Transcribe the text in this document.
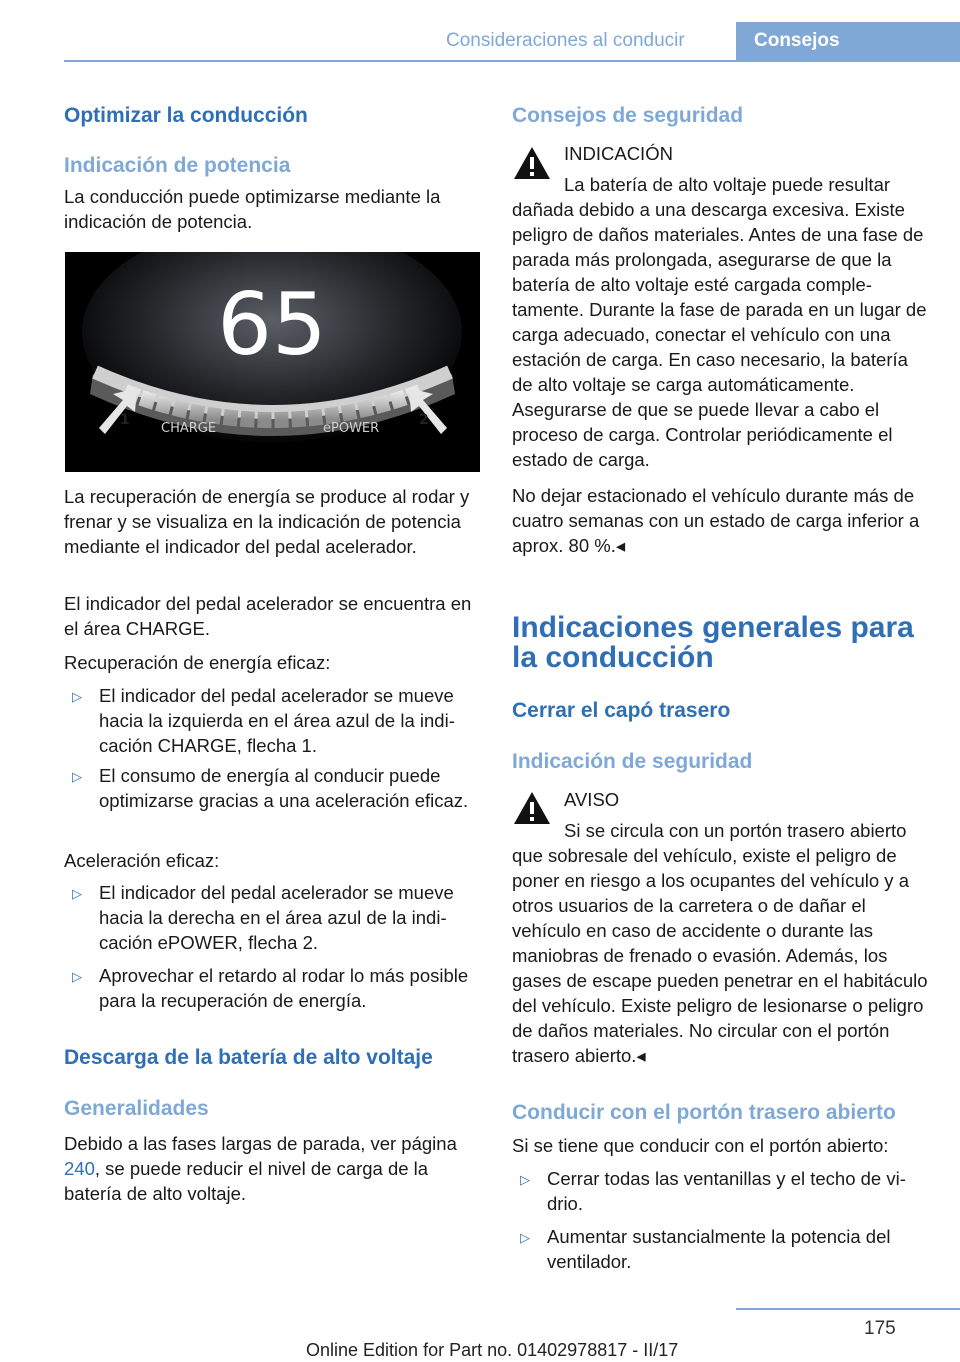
Consideraciones al conducir	Consejos
Optimizar la conducción
Indicación de potencia
La conducción puede optimizarse mediante la indicación de potencia.
1	2
65
CHARGE	ePOWER
La recuperación de energía se produce al rodar y frenar y se visualiza en la indicación de potencia mediante el indicador del pedal acelerador.
El indicador del pedal acelerador se encuentra en el área CHARGE.
Recuperación de energía eficaz:
▷ El indicador del pedal acelerador se mueve hacia la izquierda en el área azul de la indicación CHARGE, flecha 1.
▷ El consumo de energía al conducir puede optimizarse gracias a una aceleración eficaz.
Aceleración eficaz:
▷ El indicador del pedal acelerador se mueve hacia la derecha en el área azul de la indicación ePOWER, flecha 2.
▷ Aprovechar el retardo al rodar lo más posible para la recuperación de energía.
Descarga de la batería de alto voltaje
Generalidades
Debido a las fases largas de parada, ver página 240, se puede reducir el nivel de carga de la batería de alto voltaje.
Consejos de seguridad
INDICACIÓN
La batería de alto voltaje puede resultar dañada debido a una descarga excesiva. Existe peligro de daños materiales. Antes de una fase de parada más prolongada, asegurarse de que la batería de alto voltaje esté cargada completamente. Durante la fase de parada en un lugar de carga adecuado, conectar el vehículo con una estación de carga. En caso necesario, la batería de alto voltaje se carga automáticamente. Asegurarse de que se puede llevar a cabo el proceso de carga. Controlar periódicamente el estado de carga.
No dejar estacionado el vehículo durante más de cuatro semanas con un estado de carga inferior a aprox. 80 %.◂
Indicaciones generales para la conducción
Cerrar el capó trasero
Indicación de seguridad
AVISO
Si se circula con un portón trasero abierto que sobresale del vehículo, existe el peligro de poner en riesgo a los ocupantes del vehículo y a otros usuarios de la carretera o de dañar el vehículo en caso de accidente o durante las maniobras de frenado o evasión. Además, los gases de escape pueden penetrar en el habitáculo del vehículo. Existe peligro de lesionarse o peligro de daños materiales. No circular con el portón trasero abierto.◂
Conducir con el portón trasero abierto
Si se tiene que conducir con el portón abierto:
▷ Cerrar todas las ventanillas y el techo de vidrio.
▷ Aumentar sustancialmente la potencia del ventilador.
175
Online Edition for Part no. 01402978817 - II/17
